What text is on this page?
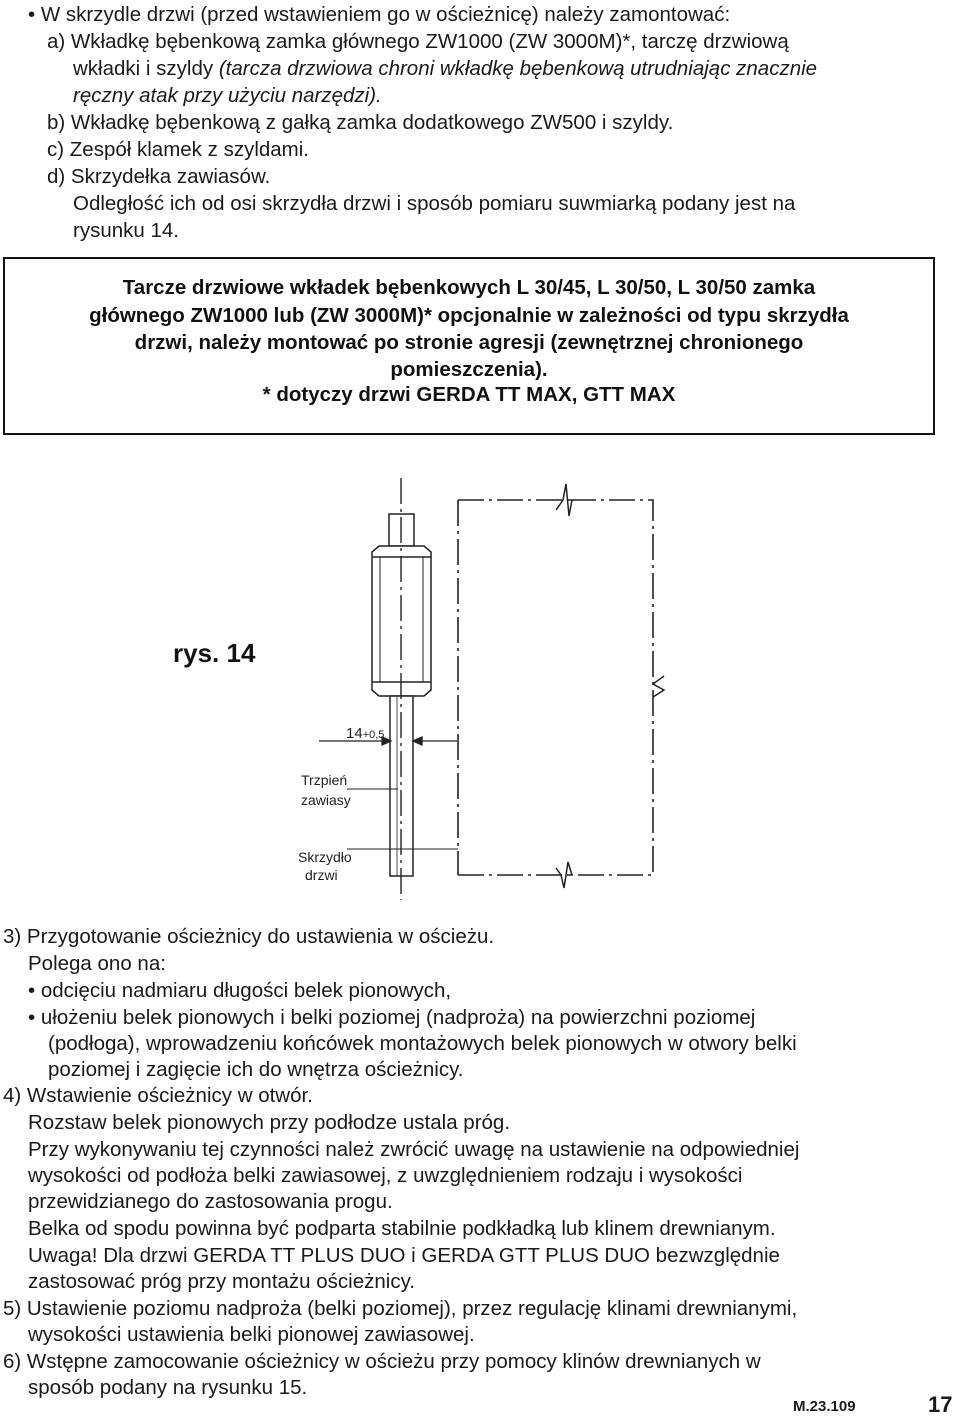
• W skrzydle drzwi (przed wstawieniem go w ościeżnicę) należy zamontować:
a) Wkładkę bębenkową zamka głównego ZW1000 (ZW 3000M)*, tarczę drzwiową
wkładki i szyldy (tarcza drzwiowa chroni wkładkę bębenkową utrudniając znacznie
ręczny atak przy użyciu narzędzi).
b) Wkładkę bębenkową z gałką zamka dodatkowego ZW500 i szyldy.
c) Zespół klamek z szyldami.
d) Skrzydełka zawiasów.
Odległość ich od osi skrzydła drzwi i sposób pomiaru suwmiarką podany jest na
rysunku 14.
Tarcze drzwiowe wkładek bębenkowych L 30/45, L 30/50, L 30/50 zamka
głównego ZW1000 lub (ZW 3000M)* opcjonalnie w zależności od typu skrzydła
drzwi, należy montować po stronie agresji (zewnętrznej chronionego
pomieszczenia).
* dotyczy drzwi GERDA TT MAX, GTT MAX
rys. 14
14+0,5
Trzpień
zawiasy
Skrzydło
drzwi
3) Przygotowanie ościeżnicy do ustawienia w ościeżu.
Polega ono na:
• odcięciu nadmiaru długości belek pionowych,
• ułożeniu belek pionowych i belki poziomej (nadproża) na powierzchni poziomej
(podłoga), wprowadzeniu końcówek montażowych belek pionowych w otwory belki
poziomej i zagięcie ich do wnętrza ościeżnicy.
4) Wstawienie ościeżnicy w otwór.
Rozstaw belek pionowych przy podłodze ustala próg.
Przy wykonywaniu tej czynności należ zwrócić uwagę na ustawienie na odpowiedniej
wysokości od podłoża belki zawiasowej, z uwzględnieniem rodzaju i wysokości
przewidzianego do zastosowania progu.
Belka od spodu powinna być podparta stabilnie podkładką lub klinem drewnianym.
Uwaga! Dla drzwi GERDA TT PLUS DUO i GERDA GTT PLUS DUO bezwzględnie
zastosować próg przy montażu ościeżnicy.
5) Ustawienie poziomu nadproża (belki poziomej), przez regulację klinami drewnianymi,
wysokości ustawienia belki pionowej zawiasowej.
6) Wstępne zamocowanie ościeżnicy w ościeżu przy pomocy klinów drewnianych w
sposób podany na rysunku 15.
M.23.109	17
